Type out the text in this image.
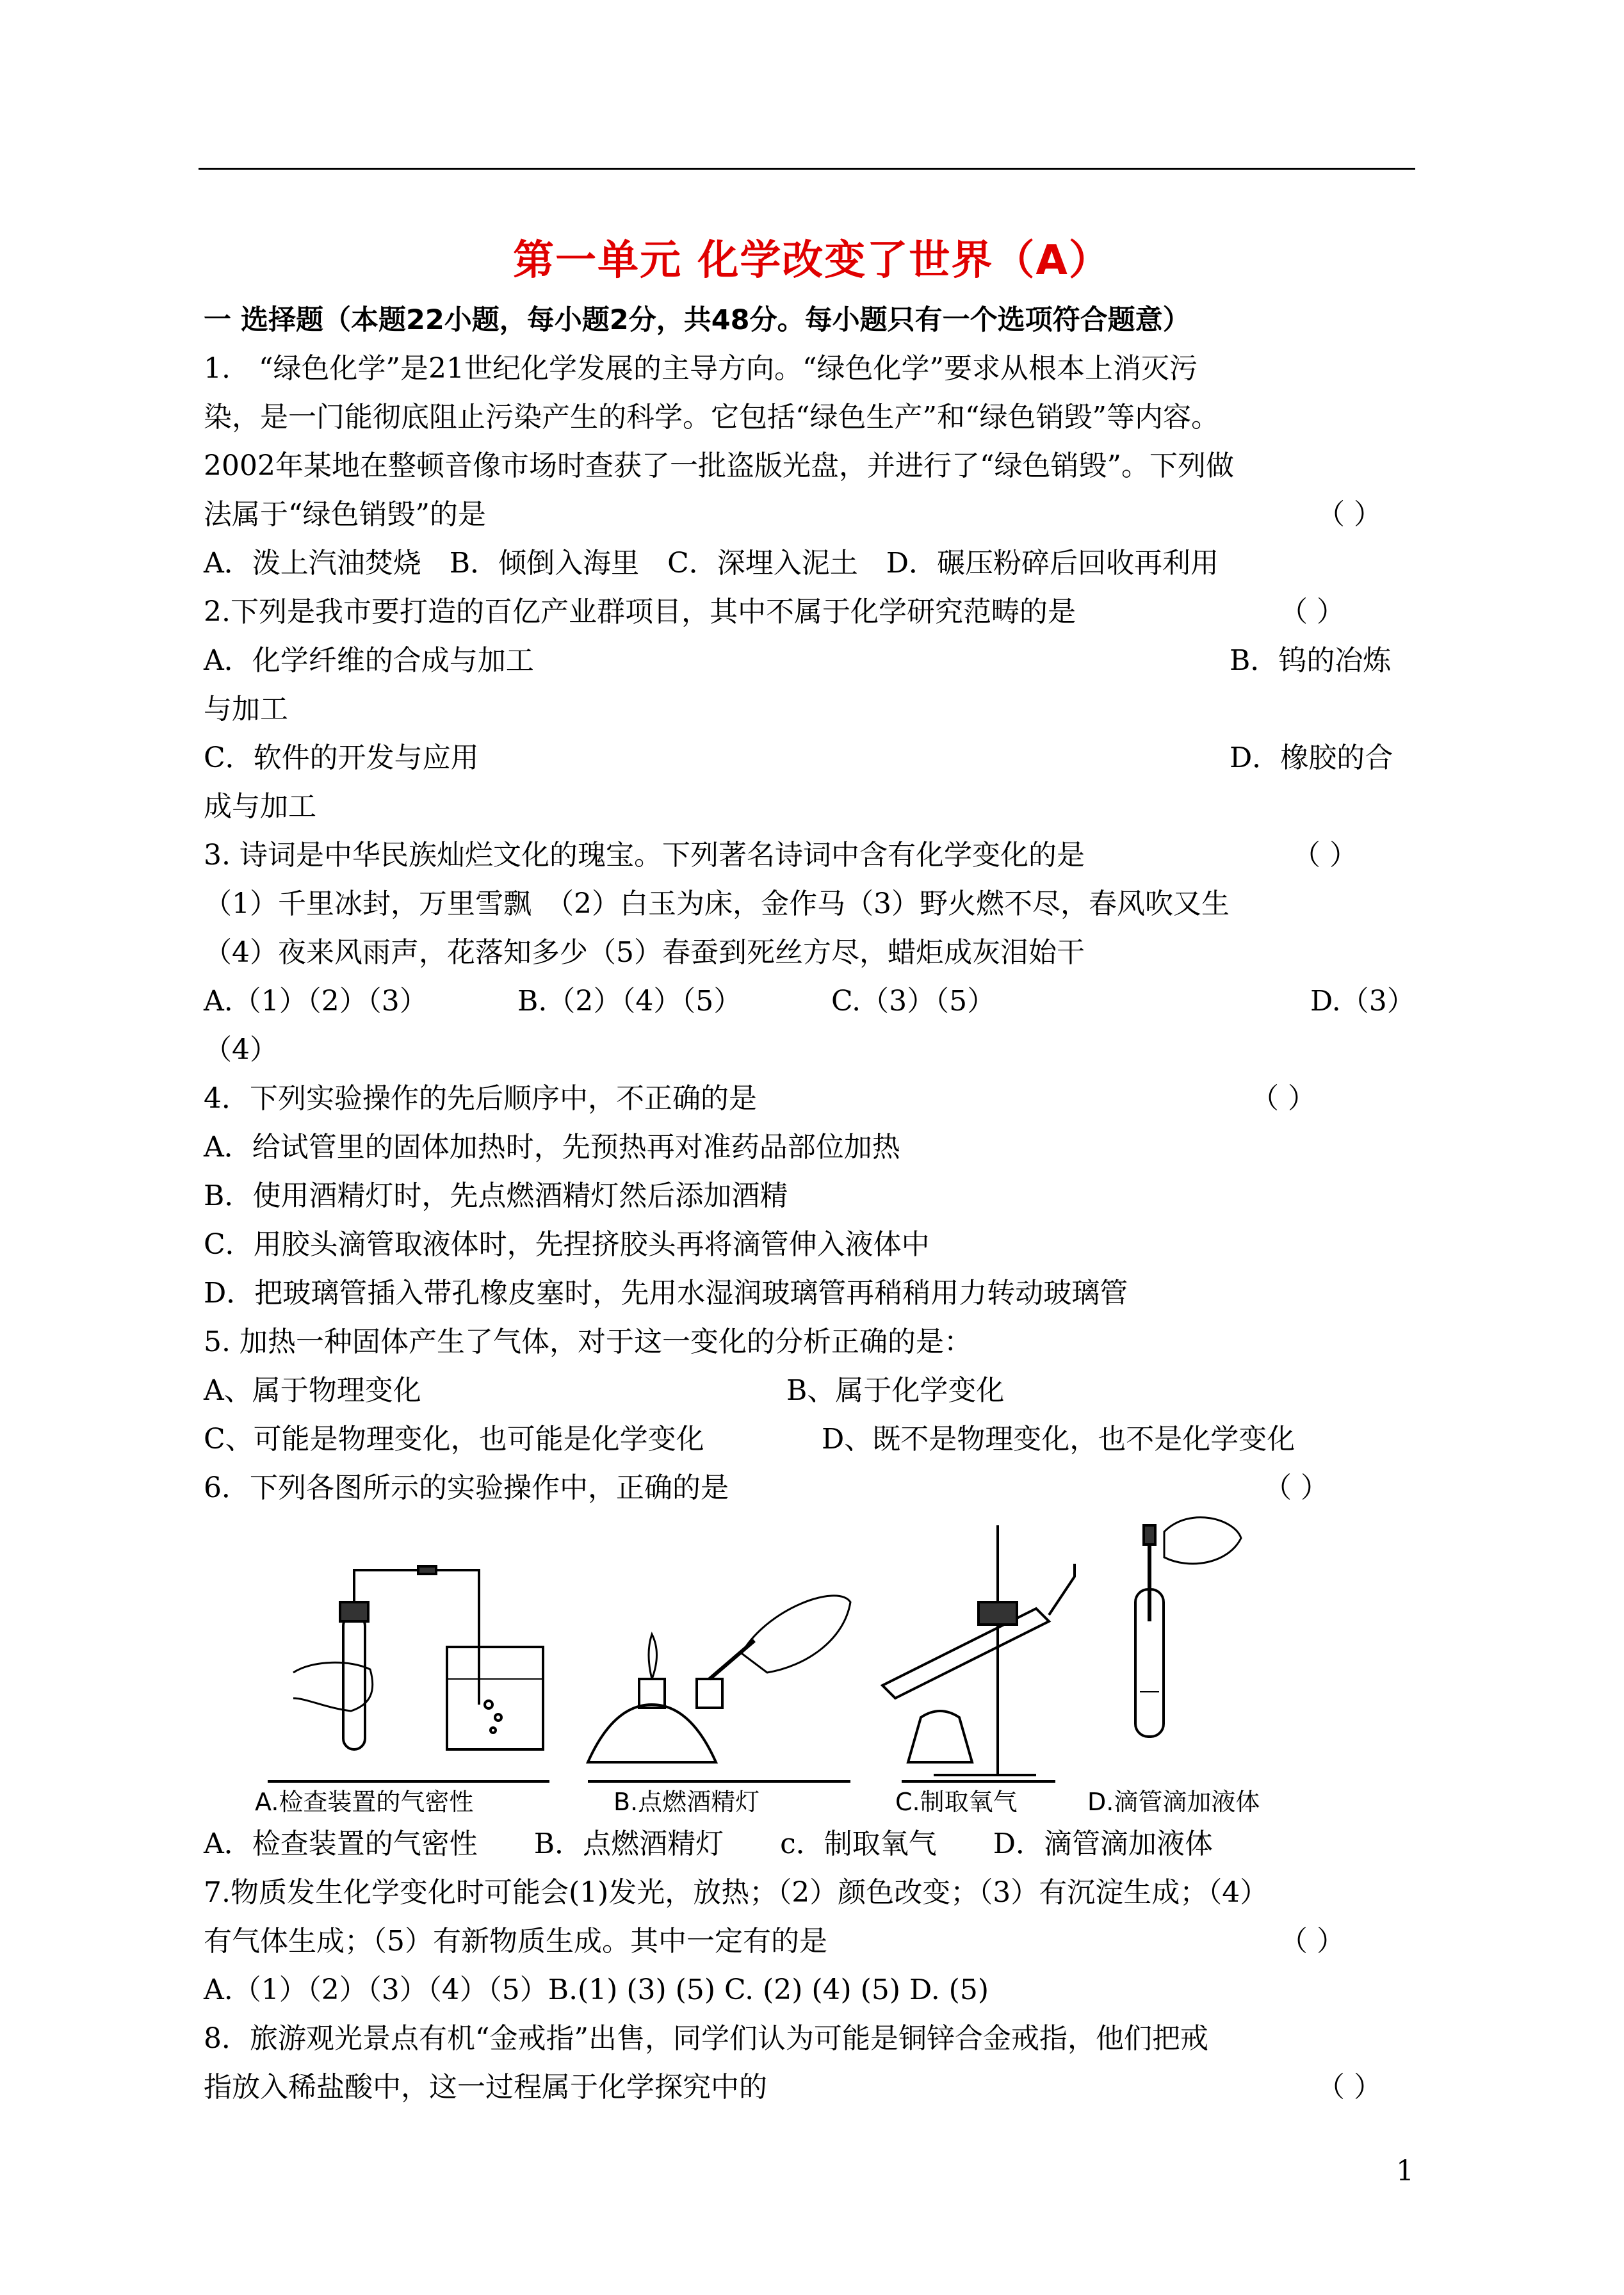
第一单元 化学改变了世界（A）
一 选择题（本题22小题，每小题2分，共48分。每小题只有一个选项符合题意）
1.　“绿色化学”是21世纪化学发展的主导方向。“绿色化学”要求从根本上消灭污
染，是一门能彻底阻止污染产生的科学。它包括“绿色生产”和“绿色销毁”等内容。
2002年某地在整顿音像市场时查获了一批盗版光盘，并进行了“绿色销毁”。下列做
法属于“绿色销毁”的是	（ ）
A．泼上汽油焚烧　B．倾倒入海里　C．深埋入泥土　D．碾压粉碎后回收再利用
2.下列是我市要打造的百亿产业群项目，其中不属于化学研究范畴的是	（ ）
A．化学纤维的合成与加工	B．钨的冶炼
与加工
C．软件的开发与应用	D．橡胶的合
成与加工
3. 诗词是中华民族灿烂文化的瑰宝。下列著名诗词中含有化学变化的是	（ ）
（1）千里冰封，万里雪飘　（2）白玉为床，金作马（3）野火燃不尽，春风吹又生
（4）夜来风雨声，花落知多少（5）春蚕到死丝方尽，蜡炬成灰泪始干
A.（1）（2）（3）	B.（2）（4）（5）	C.（3）（5）	D.（3）
（4）
4．下列实验操作的先后顺序中，不正确的是	（ ）
A．给试管里的固体加热时，先预热再对准药品部位加热
B．使用酒精灯时，先点燃酒精灯然后添加酒精
C．用胶头滴管取液体时，先捏挤胶头再将滴管伸入液体中
D．把玻璃管插入带孔橡皮塞时，先用水湿润玻璃管再稍稍用力转动玻璃管
5. 加热一种固体产生了气体，对于这一变化的分析正确的是：
A、属于物理变化	B、属于化学变化
C、可能是物理变化，也可能是化学变化	D、既不是物理变化，也不是化学变化
6．下列各图所示的实验操作中，正确的是	（ ）
A.检查装置的气密性	B.点燃酒精灯	C.制取氧气	D.滴管滴加液体
A．检查装置的气密性　　B．点燃酒精灯　　c．制取氧气　　D．滴管滴加液体
7.物质发生化学变化时可能会(1)发光，放热；（2）颜色改变；（3）有沉淀生成；（4）
有气体生成；（5）有新物质生成。其中一定有的是	（ ）
A.（1）（2）（3）（4）（5）B.(1) (3) (5) C. (2) (4) (5) D. (5)
8．旅游观光景点有机“金戒指”出售，同学们认为可能是铜锌合金戒指，他们把戒
指放入稀盐酸中，这一过程属于化学探究中的	（ ）
1
